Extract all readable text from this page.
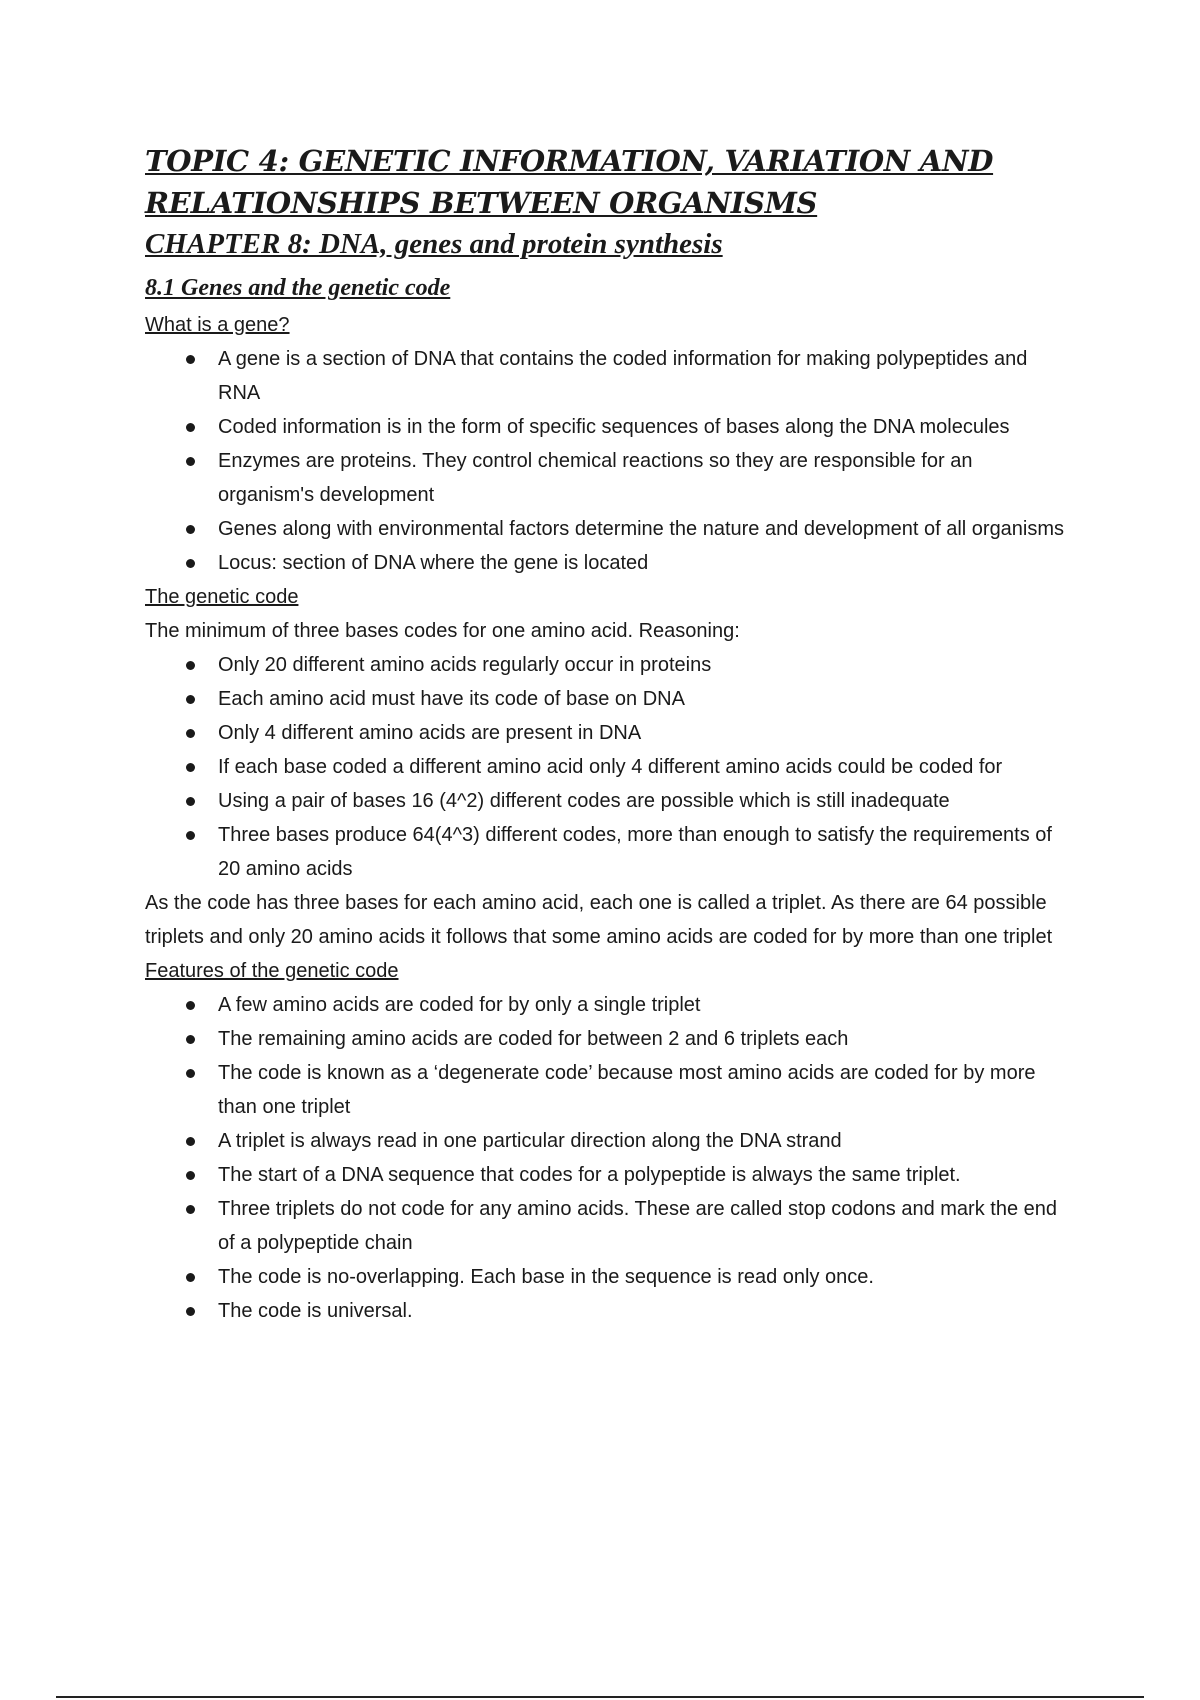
TOPIC 4: GENETIC INFORMATION, VARIATION AND RELATIONSHIPS BETWEEN ORGANISMS
CHAPTER 8: DNA, genes and protein synthesis
8.1 Genes and the genetic code

What is a gene?

A gene is a section of DNA that contains the coded information for making polypeptides and RNA
Coded information is in the form of specific sequences of bases along the DNA molecules
Enzymes are proteins. They control chemical reactions so they are responsible for an organism's development
Genes along with environmental factors determine the nature and development of all organisms
Locus: section of DNA where the gene is located

The genetic code

The minimum of three bases codes for one amino acid. Reasoning:

Only 20 different amino acids regularly occur in proteins
Each amino acid must have its code of base on DNA
Only 4 different amino acids are present in DNA
If each base coded a different amino acid only 4 different amino acids could be coded for
Using a pair of bases 16 (4^2) different codes are possible which is still inadequate
Three bases produce 64(4^3) different codes, more than enough to satisfy the requirements of 20 amino acids

As the code has three bases for each amino acid, each one is called a triplet. As there are 64 possible triplets and only 20 amino acids it follows that some amino acids are coded for by more than one triplet

Features of the genetic code

A few amino acids are coded for by only a single triplet
The remaining amino acids are coded for between 2 and 6 triplets each
The code is known as a ‘degenerate code’ because most amino acids are coded for by more than one triplet
A triplet is always read in one particular direction along the DNA strand
The start of a DNA sequence that codes for a polypeptide is always the same triplet.
Three triplets do not code for any amino acids. These are called stop codons and mark the end of a polypeptide chain
The code is no-overlapping. Each base in the sequence is read only once.
The code is universal.
